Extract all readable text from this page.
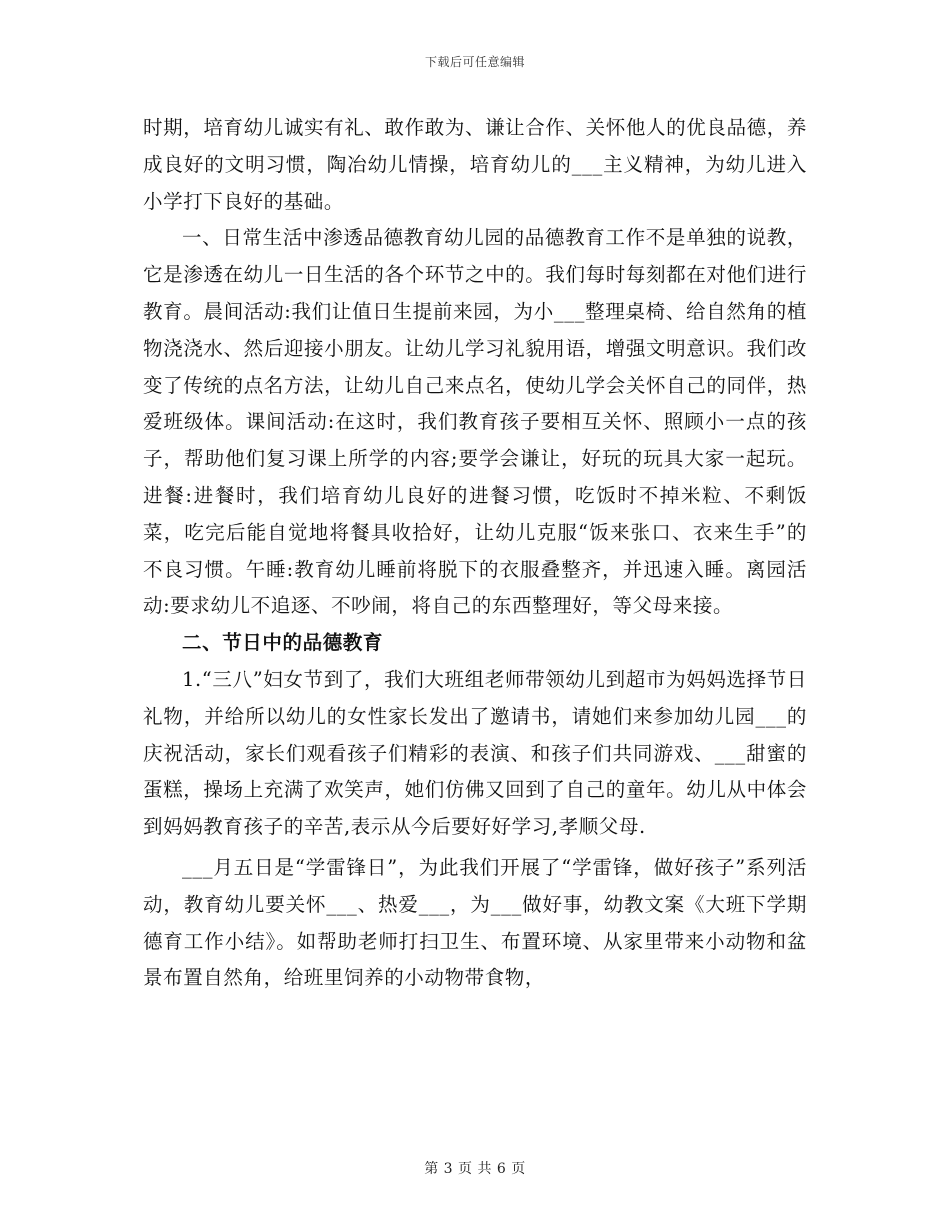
下载后可任意编辑

时期，培育幼儿诚实有礼、敢作敢为、谦让合作、关怀他人的优良品德，养成良好的文明习惯，陶冶幼儿情操，培育幼儿的___主义精神，为幼儿进入小学打下良好的基础。

一、日常生活中渗透品德教育幼儿园的品德教育工作不是单独的说教，它是渗透在幼儿一日生活的各个环节之中的。我们每时每刻都在对他们进行教育。晨间活动:我们让值日生提前来园，为小___整理桌椅、给自然角的植物浇浇水、然后迎接小朋友。让幼儿学习礼貌用语，增强文明意识。我们改变了传统的点名方法，让幼儿自己来点名，使幼儿学会关怀自己的同伴，热爱班级体。课间活动:在这时，我们教育孩子要相互关怀、照顾小一点的孩子，帮助他们复习课上所学的内容;要学会谦让，好玩的玩具大家一起玩。进餐:进餐时，我们培育幼儿良好的进餐习惯，吃饭时不掉米粒、不剩饭菜，吃完后能自觉地将餐具收拾好，让幼儿克服“饭来张口、衣来生手”的不良习惯。午睡:教育幼儿睡前将脱下的衣服叠整齐，并迅速入睡。离园活动:要求幼儿不追逐、不吵闹，将自己的东西整理好，等父母来接。

二、节日中的品德教育

1.“三八”妇女节到了，我们大班组老师带领幼儿到超市为妈妈选择节日礼物，并给所以幼儿的女性家长发出了邀请书，请她们来参加幼儿园___的庆祝活动，家长们观看孩子们精彩的表演、和孩子们共同游戏、___甜蜜的蛋糕，操场上充满了欢笑声，她们仿佛又回到了自己的童年。幼儿从中体会到妈妈教育孩子的辛苦,表示从今后要好好学习,孝顺父母.

___月五日是“学雷锋日”，为此我们开展了“学雷锋，做好孩子”系列活动，教育幼儿要关怀___、热爱___，为___做好事，幼教文案《大班下学期德育工作小结》。如帮助老师打扫卫生、布置环境、从家里带来小动物和盆景布置自然角，给班里饲养的小动物带食物，

第 3 页 共 6 页
